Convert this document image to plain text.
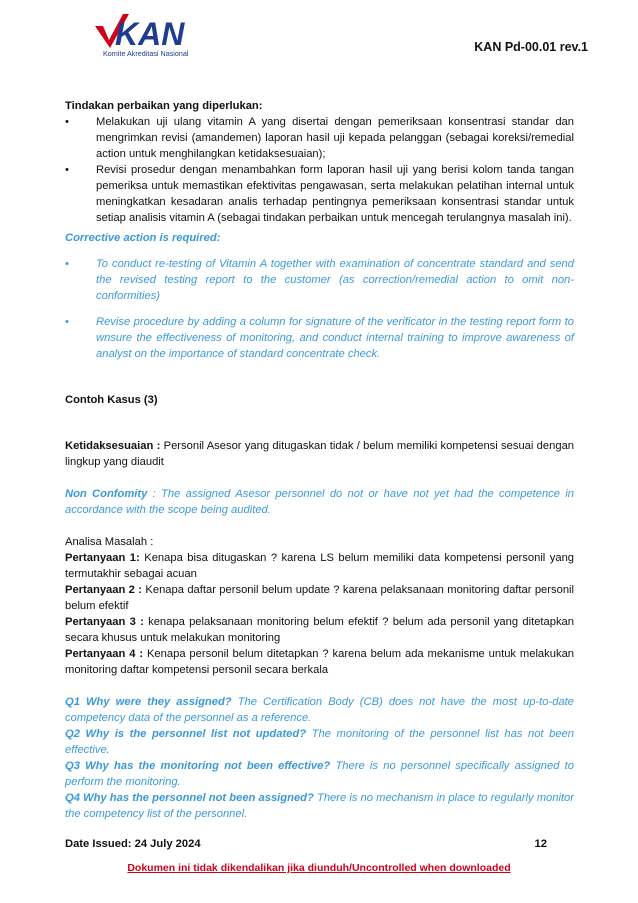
KAN
Komite Akreditasi Nasional	KAN Pd-00.01 rev.1

Tindakan perbaikan yang diperlukan:

• Melakukan uji ulang vitamin A yang disertai dengan pemeriksaan konsentrasi standar dan mengrimkan revisi (amandemen) laporan hasil uji kepada pelanggan (sebagai koreksi/remedial action untuk menghilangkan ketidaksesuaian);
• Revisi prosedur dengan menambahkan form laporan hasil uji yang berisi kolom tanda tangan pemeriksa untuk memastikan efektivitas pengawasan, serta melakukan pelatihan internal untuk meningkatkan kesadaran analis terhadap pentingnya pemeriksaan konsentrasi standar untuk setiap analisis vitamin A (sebagai tindakan perbaikan untuk mencegah terulangnya masalah ini).

Corrective action is required:

• To conduct re-testing of Vitamin A together with examination of concentrate standard and send the revised testing report to the customer (as correction/remedial action to omit non-conformities)
• Revise procedure by adding a column for signature of the verificator in the testing report form to wnsure the effectiveness of monitoring, and conduct internal training to improve awareness of analyst on the importance of standard concentrate check.

Contoh Kasus (3)

Ketidaksesuaian : Personil Asesor yang ditugaskan tidak / belum memiliki kompetensi sesuai dengan lingkup yang diaudit

Non Confomity : The assigned Asesor personnel do not or have not yet had the competence in accordance with the scope being audited.

Analisa Masalah :

Pertanyaan 1: Kenapa bisa ditugaskan ? karena LS belum memiliki data kompetensi personil yang termutakhir sebagai acuan

Pertanyaan 2 : Kenapa daftar personil belum update ? karena pelaksanaan monitoring daftar personil belum efektif

Pertanyaan 3 : kenapa pelaksanaan monitoring belum efektif ? belum ada personil yang ditetapkan secara khusus untuk melakukan monitoring

Pertanyaan 4 : Kenapa personil belum ditetapkan ? karena belum ada mekanisme untuk melakukan monitoring daftar kompetensi personil secara berkala

Q1 Why were they assigned? The Certification Body (CB) does not have the most up-to-date competency data of the personnel as a reference.

Q2 Why is the personnel list not updated? The monitoring of the personnel list has not been effective.

Q3 Why has the monitoring not been effective? There is no personnel specifically assigned to perform the monitoring.

Q4 Why has the personnel not been assigned? There is no mechanism in place to regularly monitor the competency list of the personnel.

Date Issued: 24 July 2024	12
Dokumen ini tidak dikendalikan jika diunduh/Uncontrolled when downloaded
